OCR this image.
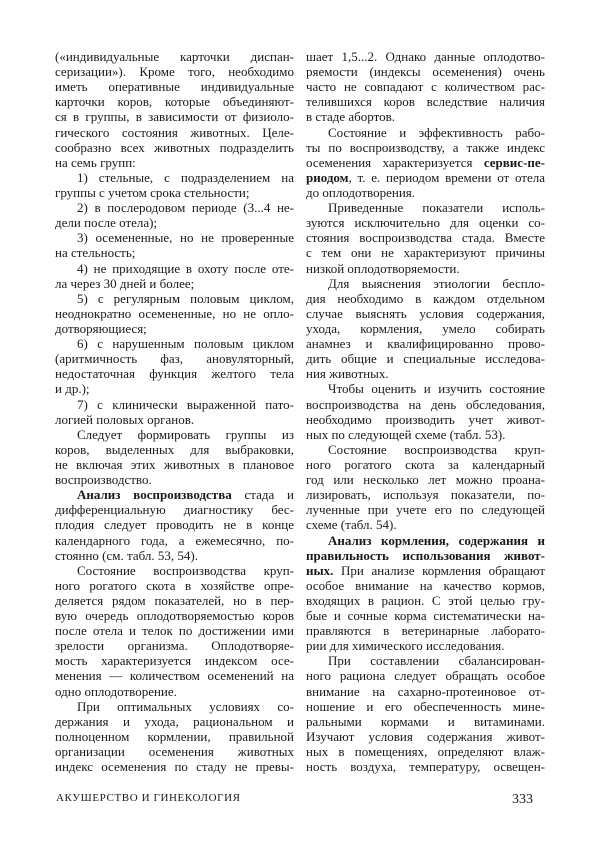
(«индивидуальные карточки диспан-
серизации»). Кроме того, необходимо
иметь оперативные индивидуальные
карточки коров, которые объединяют-
ся в группы, в зависимости от физиоло-
гического состояния животных. Целе-
сообразно всех животных подразделить
на семь групп:
1) стельные, с подразделением на
группы с учетом срока стельности;
2) в послеродовом периоде (3...4 не-
дели после отела);
3) осемененные, но не проверенные
на стельность;
4) не приходящие в охоту после оте-
ла через 30 дней и более;
5) с регулярным половым циклом,
неоднократно осемененные, но не опло-
дотворяющиеся;
6) с нарушенным половым циклом
(аритмичность фаз, ановуляторный,
недостаточная функция желтого тела
и др.);
7) с клинически выраженной пато-
логией половых органов.
Следует формировать группы из
коров, выделенных для выбраковки,
не включая этих животных в плановое
воспроизводство.
Анализ воспроизводства стада и
дифференциальную диагностику бес-
плодия следует проводить не в конце
календарного года, а ежемесячно, по-
стоянно (см. табл. 53, 54).
Состояние воспроизводства круп-
ного рогатого скота в хозяйстве опре-
деляется рядом показателей, но в пер-
вую очередь оплодотворяемостью коров
после отела и телок по достижении ими
зрелости организма. Оплодотворяе-
мость характеризуется индексом осе-
менения — количеством осеменений на
одно оплодотворение.
При оптимальных условиях со-
держания и ухода, рациональном и
полноценном кормлении, правильной
организации осеменения животных
индекс осеменения по стаду не превы-
шает 1,5...2. Однако данные оплодотво-
ряемости (индексы осеменения) очень
часто не совпадают с количеством рас-
телившихся коров вследствие наличия
в стаде абортов.
Состояние и эффективность рабо-
ты по воспроизводству, а также индекс
осеменения характеризуется сервис-пе-
риодом, т. е. периодом времени от отела
до оплодотворения.
Приведенные показатели исполь-
зуются исключительно для оценки со-
стояния воспроизводства стада. Вместе
с тем они не характеризуют причины
низкой оплодотворяемости.
Для выяснения этиологии беспло-
дия необходимо в каждом отдельном
случае выяснять условия содержания,
ухода, кормления, умело собирать
анамнез и квалифицированно прово-
дить общие и специальные исследова-
ния животных.
Чтобы оценить и изучить состояние
воспроизводства на день обследования,
необходимо производить учет живот-
ных по следующей схеме (табл. 53).
Состояние воспроизводства круп-
ного рогатого скота за календарный
год или несколько лет можно проана-
лизировать, используя показатели, по-
лученные при учете его по следующей
схеме (табл. 54).
Анализ кормления, содержания и
правильность использования живот-
ных. При анализе кормления обращают
особое внимание на качество кормов,
входящих в рацион. С этой целью гру-
бые и сочные корма систематически на-
правляются в ветеринарные лаборато-
рии для химического исследования.
При составлении сбалансирован-
ного рациона следует обращать особое
внимание на сахарно-протеиновое от-
ношение и его обеспеченность мине-
ральными кормами и витаминами.
Изучают условия содержания живот-
ных в помещениях, определяют влаж-
ность воздуха, температуру, освещен-
АКУШЕРСТВО И ГИНЕКОЛОГИЯ	333
